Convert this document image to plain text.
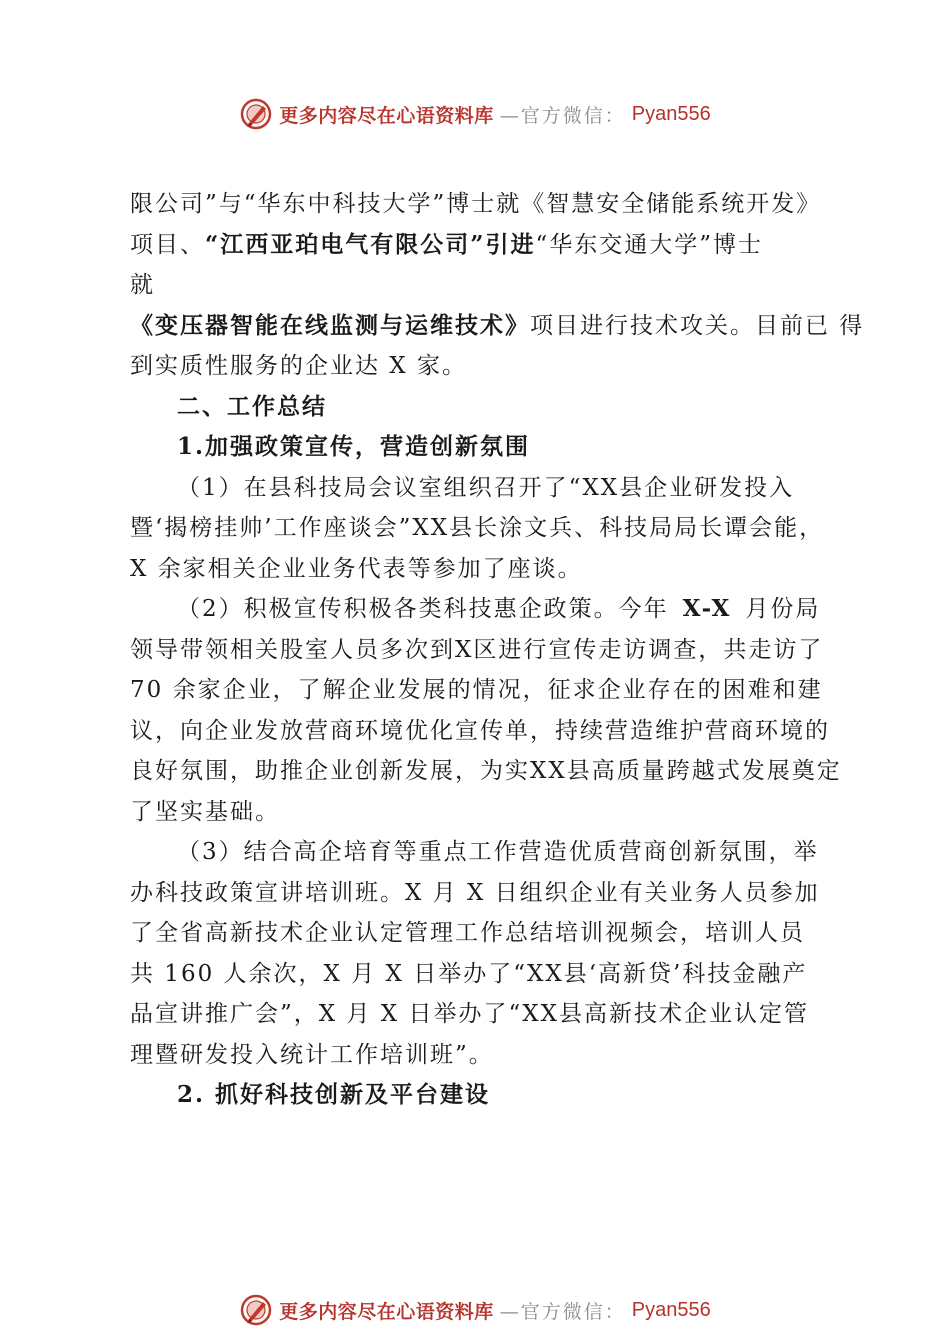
更多内容尽在心语资料库 —官方微信： Pyan556
限公司”与“华东中科技大学”博士就《智慧安全储能系统开发》
项目、“江西亚珀电气有限公司”引进“华东交通大学”博士
就
《变压器智能在线监测与运维技术》项目进行技术攻关。目前已 得
到实质性服务的企业达 X 家。
二、工作总结
1.加强政策宣传，营造创新氛围
（1）在县科技局会议室组织召开了“XX县企业研发投入
暨‘揭榜挂帅’工作座谈会”XX县长涂文兵、科技局局长谭会能，
X 余家相关企业业务代表等参加了座谈。
（2）积极宣传积极各类科技惠企政策。今年 X-X 月份局
领导带领相关股室人员多次到X区进行宣传走访调查，共走访了
70 余家企业，了解企业发展的情况，征求企业存在的困难和建
议，向企业发放营商环境优化宣传单，持续营造维护营商环境的
良好氛围，助推企业创新发展，为实XX县高质量跨越式发展奠定
了坚实基础。
（3）结合高企培育等重点工作营造优质营商创新氛围，举
办科技政策宣讲培训班。X 月 X 日组织企业有关业务人员参加
了全省高新技术企业认定管理工作总结培训视频会，培训人员
共 160 人余次，X 月 X 日举办了“XX县‘高新贷’科技金融产
品宣讲推广会”，X 月 X 日举办了“XX县高新技术企业认定管
理暨研发投入统计工作培训班”。
2. 抓好科技创新及平台建设
更多内容尽在心语资料库 —官方微信： Pyan556
